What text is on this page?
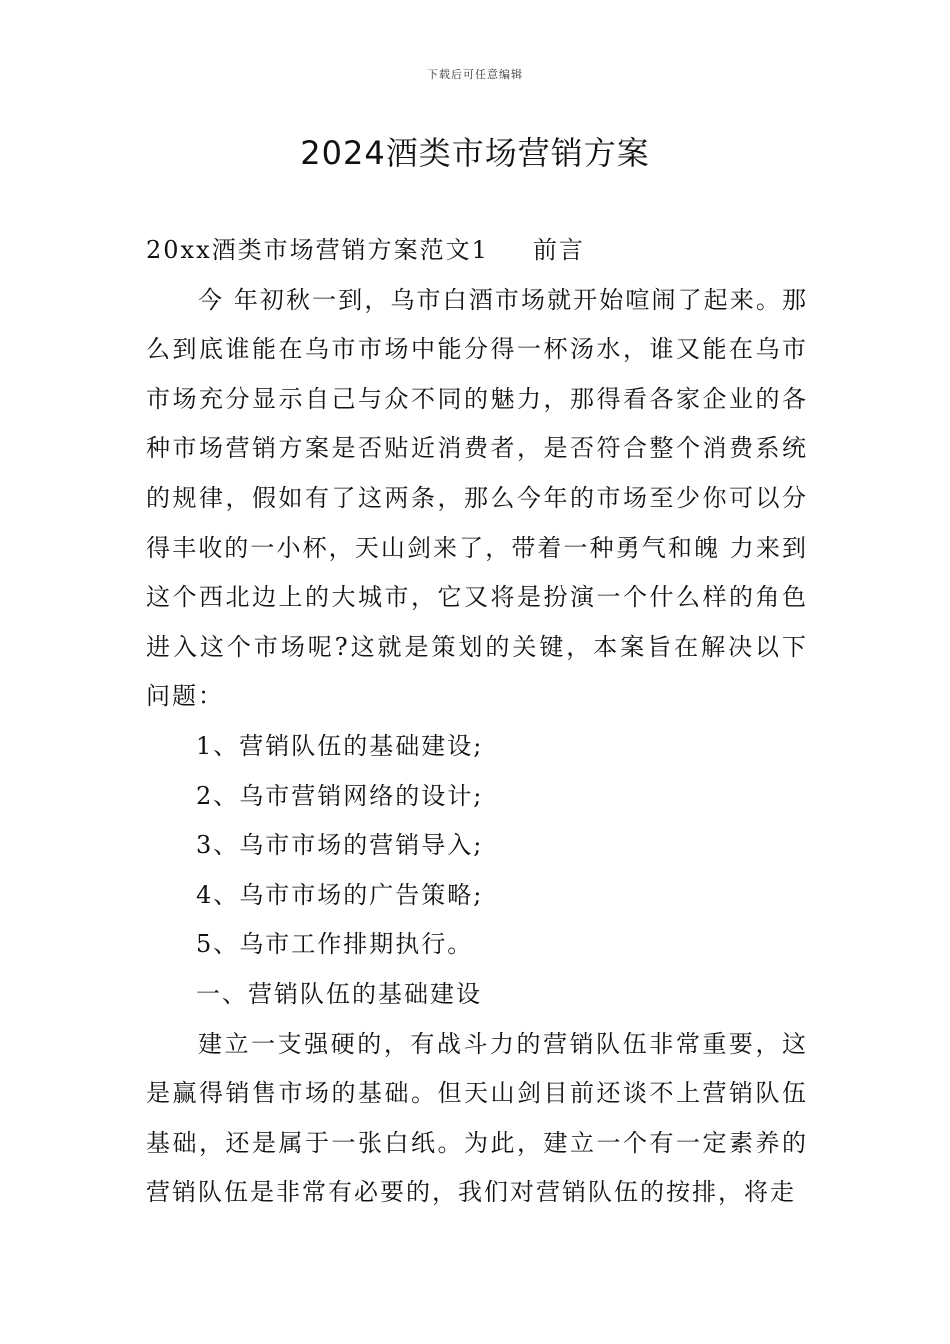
下载后可任意编辑
2024酒类市场营销方案

20xx酒类市场营销方案范文1 前言

今 年初秋一到，乌市白酒市场就开始喧闹了起来。那么到底谁能在乌市市场中能分得一杯汤水，谁又能在乌市市场充分显示自己与众不同的魅力，那得看各家企业的各种市场营销方案是否贴近消费者，是否符合整个消费系统的规律，假如有了这两条，那么今年的市场至少你可以分得丰收的一小杯，天山剑来了，带着一种勇气和魄 力来到这个西北边上的大城市，它又将是扮演一个什么样的角色进入这个市场呢?这就是策划的关键，本案旨在解决以下问题：

1、营销队伍的基础建设;

2、乌市营销网络的设计;

3、乌市市场的营销导入;

4、乌市市场的广告策略;

5、乌市工作排期执行。

一、营销队伍的基础建设

建立一支强硬的，有战斗力的营销队伍非常重要，这是赢得销售市场的基础。但天山剑目前还谈不上营销队伍基础，还是属于一张白纸。为此，建立一个有一定素养的营销队伍是非常有必要的，我们对营销队伍的按排，将走
